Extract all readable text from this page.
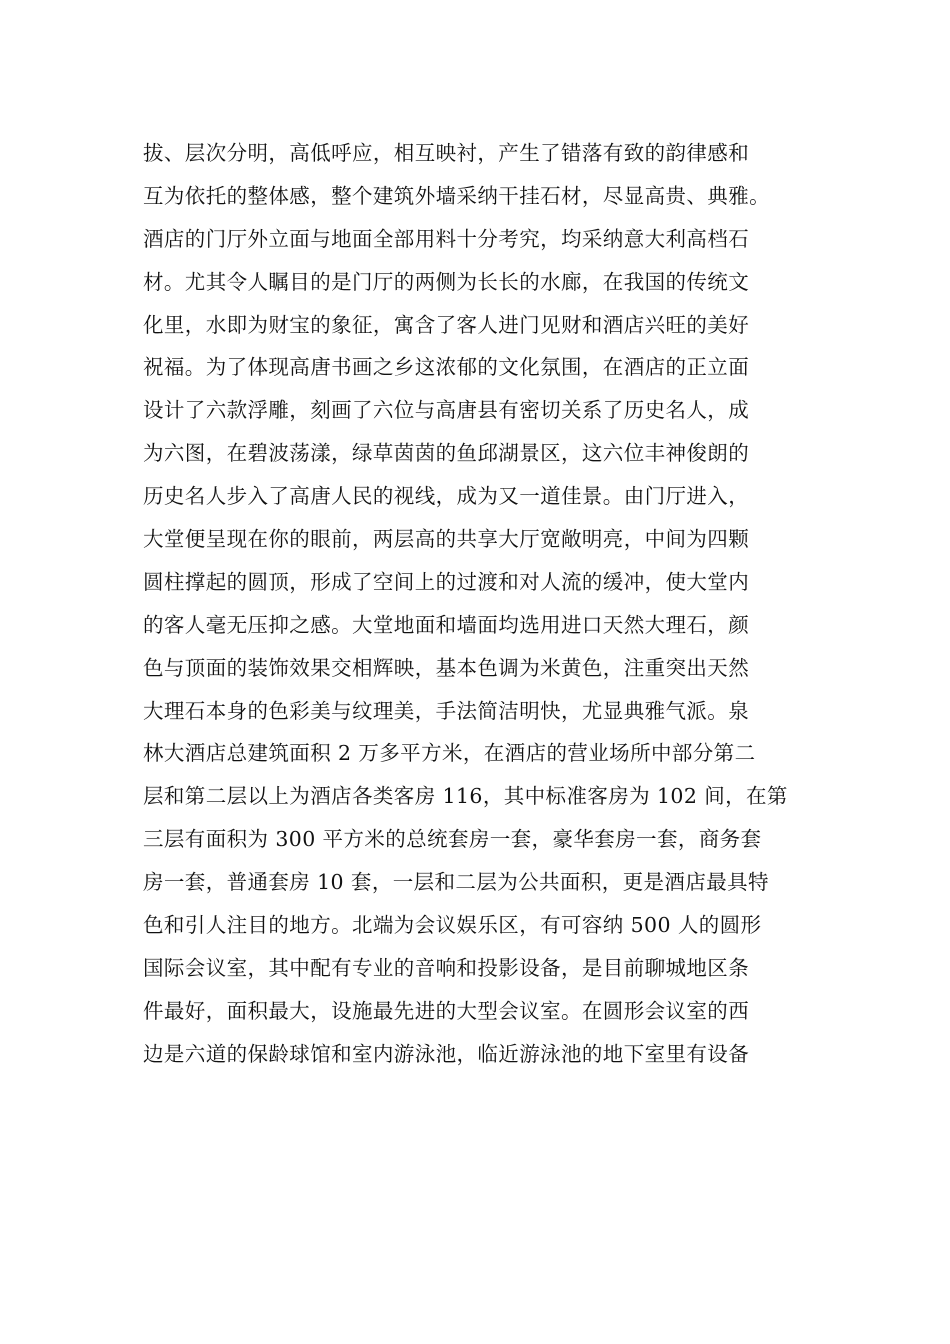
拔、层次分明，高低呼应，相互映衬，产生了错落有致的韵律感和
互为依托的整体感，整个建筑外墙采纳干挂石材，尽显高贵、典雅。
酒店的门厅外立面与地面全部用料十分考究，均采纳意大利高档石
材。尤其令人瞩目的是门厅的两侧为长长的水廊，在我国的传统文
化里，水即为财宝的象征，寓含了客人进门见财和酒店兴旺的美好
祝福。为了体现高唐书画之乡这浓郁的文化氛围，在酒店的正立面
设计了六款浮雕，刻画了六位与高唐县有密切关系了历史名人，成
为六图，在碧波荡漾，绿草茵茵的鱼邱湖景区，这六位丰神俊朗的
历史名人步入了高唐人民的视线，成为又一道佳景。由门厅进入，
大堂便呈现在你的眼前，两层高的共享大厅宽敞明亮，中间为四颗
圆柱撑起的圆顶，形成了空间上的过渡和对人流的缓冲，使大堂内
的客人毫无压抑之感。大堂地面和墙面均选用进口天然大理石，颜
色与顶面的装饰效果交相辉映，基本色调为米黄色，注重突出天然
大理石本身的色彩美与纹理美，手法简洁明快，尤显典雅气派。泉
林大酒店总建筑面积 2 万多平方米，在酒店的营业场所中部分第二
层和第二层以上为酒店各类客房 116，其中标准客房为 102 间，在第
三层有面积为 300 平方米的总统套房一套，豪华套房一套，商务套
房一套，普通套房 10 套，一层和二层为公共面积，更是酒店最具特
色和引人注目的地方。北端为会议娱乐区，有可容纳 500 人的圆形
国际会议室，其中配有专业的音响和投影设备，是目前聊城地区条
件最好，面积最大，设施最先进的大型会议室。在圆形会议室的西
边是六道的保龄球馆和室内游泳池，临近游泳池的地下室里有设备
